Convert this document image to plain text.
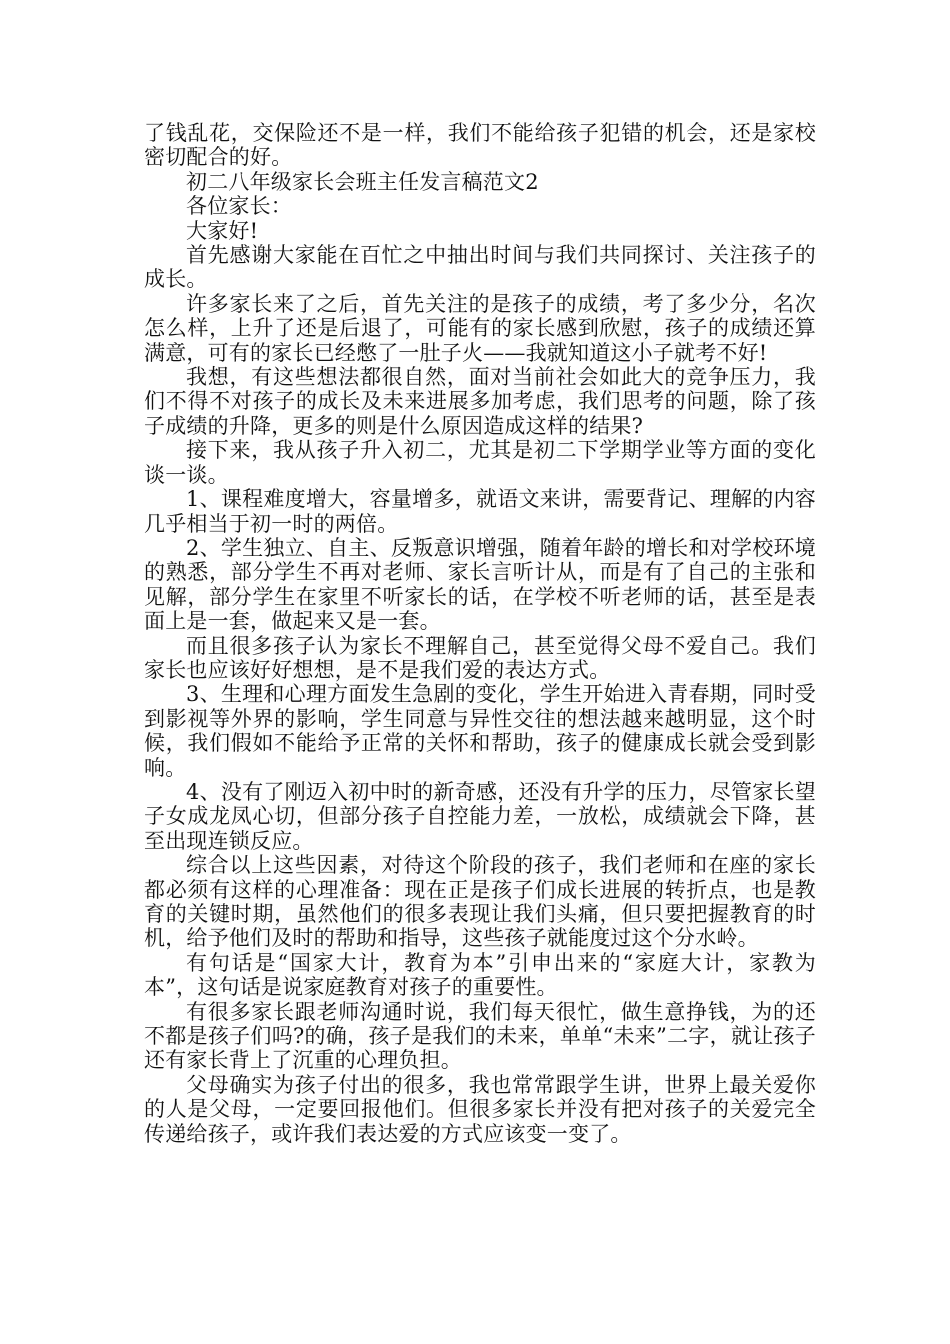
了钱乱花，交保险还不是一样，我们不能给孩子犯错的机会，还是家校密切配合的好。

初二八年级家长会班主任发言稿范文2

各位家长：

大家好!

首先感谢大家能在百忙之中抽出时间与我们共同探讨、关注孩子的成长。

许多家长来了之后，首先关注的是孩子的成绩，考了多少分，名次怎么样，上升了还是后退了，可能有的家长感到欣慰，孩子的成绩还算满意，可有的家长已经憋了一肚子火——我就知道这小子就考不好!

我想，有这些想法都很自然，面对当前社会如此大的竞争压力，我们不得不对孩子的成长及未来进展多加考虑，我们思考的问题，除了孩子成绩的升降，更多的则是什么原因造成这样的结果?

接下来，我从孩子升入初二，尤其是初二下学期学业等方面的变化谈一谈。

1、课程难度增大，容量增多，就语文来讲，需要背记、理解的内容几乎相当于初一时的两倍。

2、学生独立、自主、反叛意识增强，随着年龄的增长和对学校环境的熟悉，部分学生不再对老师、家长言听计从，而是有了自己的主张和见解，部分学生在家里不听家长的话，在学校不听老师的话，甚至是表面上是一套，做起来又是一套。

而且很多孩子认为家长不理解自己，甚至觉得父母不爱自己。我们家长也应该好好想想，是不是我们爱的表达方式。

3、生理和心理方面发生急剧的变化，学生开始进入青春期，同时受到影视等外界的影响，学生同意与异性交往的想法越来越明显，这个时候，我们假如不能给予正常的关怀和帮助，孩子的健康成长就会受到影响。

4、没有了刚迈入初中时的新奇感，还没有升学的压力，尽管家长望子女成龙凤心切，但部分孩子自控能力差，一放松，成绩就会下降，甚至出现连锁反应。

综合以上这些因素，对待这个阶段的孩子，我们老师和在座的家长都必须有这样的心理准备：现在正是孩子们成长进展的转折点，也是教育的关键时期，虽然他们的很多表现让我们头痛，但只要把握教育的时机，给予他们及时的帮助和指导，这些孩子就能度过这个分水岭。

有句话是“国家大计，教育为本”引申出来的“家庭大计，家教为本”，这句话是说家庭教育对孩子的重要性。

有很多家长跟老师沟通时说，我们每天很忙，做生意挣钱，为的还不都是孩子们吗?的确，孩子是我们的未来，单单“未来”二字，就让孩子还有家长背上了沉重的心理负担。

父母确实为孩子付出的很多，我也常常跟学生讲，世界上最关爱你的人是父母，一定要回报他们。但很多家长并没有把对孩子的关爱完全传递给孩子，或许我们表达爱的方式应该变一变了。
